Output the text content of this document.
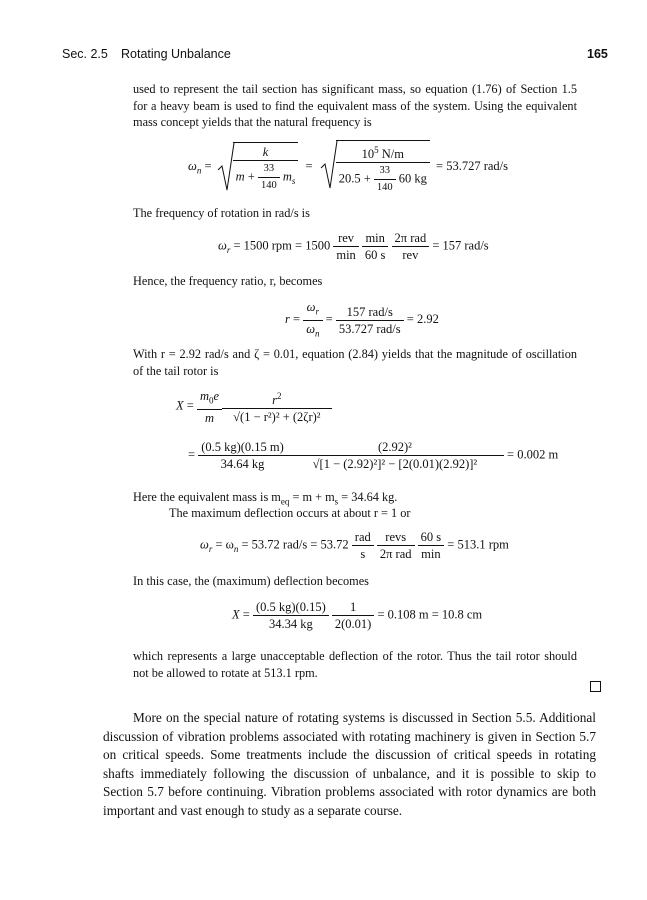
Sec. 2.5 Rotating Unbalance	165

used to represent the tail section has significant mass, so equation (1.76) of Section 1.5 for a heavy beam is used to find the equivalent mass of the system. Using the equivalent mass concept yields that the natural frequency is

$\omega_n = \frac{k}{m + \frac{33}{140} m_s} = \frac{10^5 N/m}{20.5 + \frac{33}{140} 60 kg} = 53.727$ rad/s

The frequency of rotation in rad/s is

$\omega_r = 1500$ rpm = $1500 \frac{\text{rev}}{\min}$
$\frac{\min}{60 s}$
$\frac{\text{2π rad}}{\text{rev}} = 157$ rad/s

Hence, the frequency ratio, r, becomes

$r = \frac{\omega_r}{\omega_n} = \frac{\text{157 rad/s}}{\text{53.727 rad/s}} = 2.92$

With r = 2.92 rad/s and ζ = 0.01, equation (2.84) yields that the magnitude of oscillation of the tail rotor is

$X = \frac{m_0e}{m}$
$\frac{r^2}{\text{√(1 − r²)² + (2ζr)²}}$
= $\frac{(0.5 kg)(0.15 m)}{34.64 kg}$
$\frac{\text{(2.92)²}}{\text{√[1 − (2.92)²]² − [2(0.01)(2.92)]²}} = 0.002$ m

Here the equivalent mass is $m_{eq} = m + m_s = 34.64$ kg.

The maximum deflection occurs at about r = 1 or

$\omega_r = \omega_n = 53.72$ $rad/s = 53.72 \frac{\text{rad}}{s}$
$\frac{\text{revs}}{\text{2π rad}}$
$\frac{60 s}{\min} = 513.1$ rpm

In this case, the (maximum) deflection becomes

$X = \frac{(0.5 kg)(0.15)}{34.34 kg}$
$\frac{1}{2(0.01)} = 0.108$ m = 10.8 cm

which represents a large unacceptable deflection of the rotor. Thus the tail rotor should not be allowed to rotate at 513.1 rpm.

More on the special nature of rotating systems is discussed in Section 5.5. Additional discussion of vibration problems associated with rotating machinery is given in Section 5.7 on critical speeds. Some treatments include the discussion of critical speeds in rotating shafts immediately following the discussion of unbalance, and it is possible to skip to Section 5.7 before continuing. Vibration problems associated with rotor dynamics are both important and vast enough to study as a separate course.
